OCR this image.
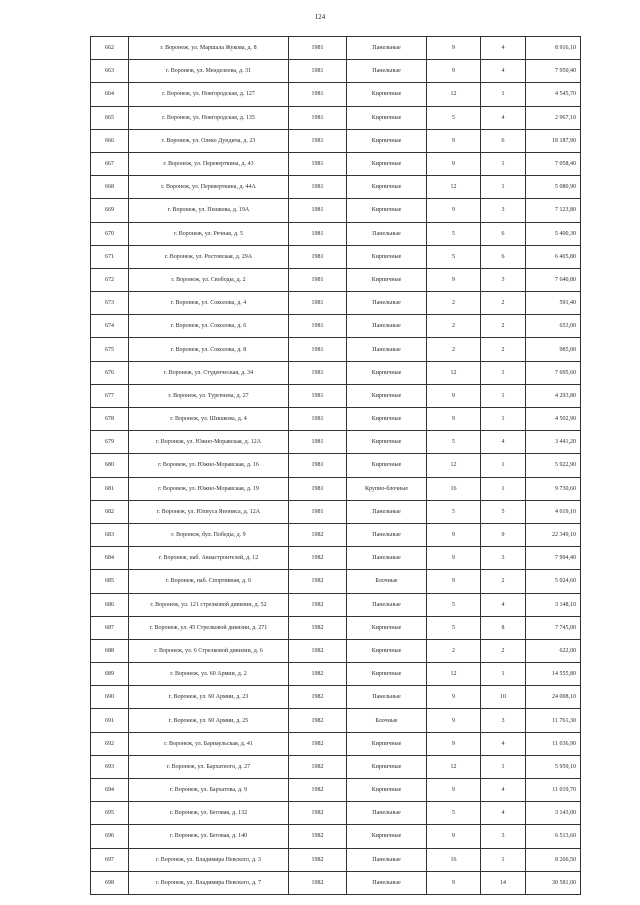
124
662	г. Воронеж, ул. Маршала Жукова, д. 8	1981	Панельные	9	4	8 916,10
663	г. Воронеж, ул. Менделеева, д. 31	1981	Панельные	9	4	7 950,40
664	г. Воронеж, ул. Новгородская, д. 127	1981	Кирпичные	12	1	4 545,70
665	г. Воронеж, ул. Новгородская, д. 135	1981	Кирпичные	5	4	2 967,10
666	г. Воронеж, ул. Олеко Дундича, д. 23	1981	Кирпичные	9	6	18 187,90
667	г. Воронеж, ул. Переверткина, д. 43	1981	Кирпичные	9	1	7 058,40
668	г. Воронеж, ул. Переверткина, д. 44А	1981	Кирпичные	12	1	5 080,90
669	г. Воронеж, ул. Пешкова, д. 19А	1981	Кирпичные	9	3	7 123,80
670	г. Воронеж, ул. Речная, д. 5	1981	Панельные	5	6	5 400,30
671	г. Воронеж, ул. Ростовская, д. 29А	1981	Кирпичные	5	6	6 405,80
672	г. Воронеж, ул. Свободы, д. 2	1981	Кирпичные	9	3	7 640,80
673	г. Воронеж, ул. Соколова, д. 4	1981	Панельные	2	2	591,40
674	г. Воронеж, ул. Соколова, д. 6	1981	Панельные	2	2	653,00
675	г. Воронеж, ул. Соколова, д. 8	1981	Панельные	2	2	985,00
676	г. Воронеж, ул. Студенческая, д. 34	1981	Кирпичные	12	1	7 695,60
677	г. Воронеж, ул. Тургенева, д. 27	1981	Кирпичные	9	1	4 293,80
678	г. Воронеж, ул. Шишкова, д. 4	1981	Кирпичные	9	1	4 502,90
679	г. Воронеж, ул. Южно-Моравская, д. 12А	1981	Кирпичные	5	4	3 441,20
680	г. Воронеж, ул. Южно-Моравская, д. 16	1981	Кирпичные	12	1	5 922,90
681	г. Воронеж, ул. Южно-Моравская, д. 19	1981	Крупно-блочные	16	1	9 730,60
682	г. Воронеж, ул. Юлиуса Янониса, д. 12А	1981	Панельные	5	5	4 019,10
683	г. Воронеж, бул. Победы, д. 9	1982	Панельные	9	9	22 349,10
684	г. Воронеж, наб. Авиастроителей, д. 12	1982	Панельные	9	3	7 994,40
685	г. Воронеж, наб. Спортивная, д. 6	1982	Блочные	9	2	5 024,60
686	г. Воронеж, ул. 121 стрелковой дивизии, д. 52	1982	Панельные	5	4	3 148,10
687	г. Воронеж, ул. 45 Стрелковой дивизии, д. 271	1982	Кирпичные	5	8	7 745,00
688	г. Воронеж, ул. 6 Стрелковой дивизии, д. 6	1982	Кирпичные	2	2	622,00
689	г. Воронеж, ул. 60 Армии, д. 2	1982	Кирпичные	12	1	14 555,80
690	г. Воронеж, ул. 60 Армии, д. 23	1982	Панельные	9	10	24 008,10
691	г. Воронеж, ул. 60 Армии, д. 25	1982	Блочные	9	3	11 761,30
692	г. Воронеж, ул. Барнаульская, д. 41	1982	Кирпичные	9	4	11 036,90
693	г. Воронеж, ул. Бархатного, д. 27	1982	Кирпичные	12	1	5 959,10
694	г. Воронеж, ул. Бархатова, д. 9	1982	Кирпичные	9	4	11 019,70
695	г. Воронеж, ул. Беговая, д. 132	1982	Панельные	5	4	3 143,00
696	г. Воронеж, ул. Беговая, д. 140	1982	Кирпичные	9	3	6 513,60
697	г. Воронеж, ул. Владимира Невского, д. 3	1982	Панельные	16	1	8 266,50
698	г. Воронеж, ул. Владимира Невского, д. 7	1982	Панельные	9	14	30 581,00
